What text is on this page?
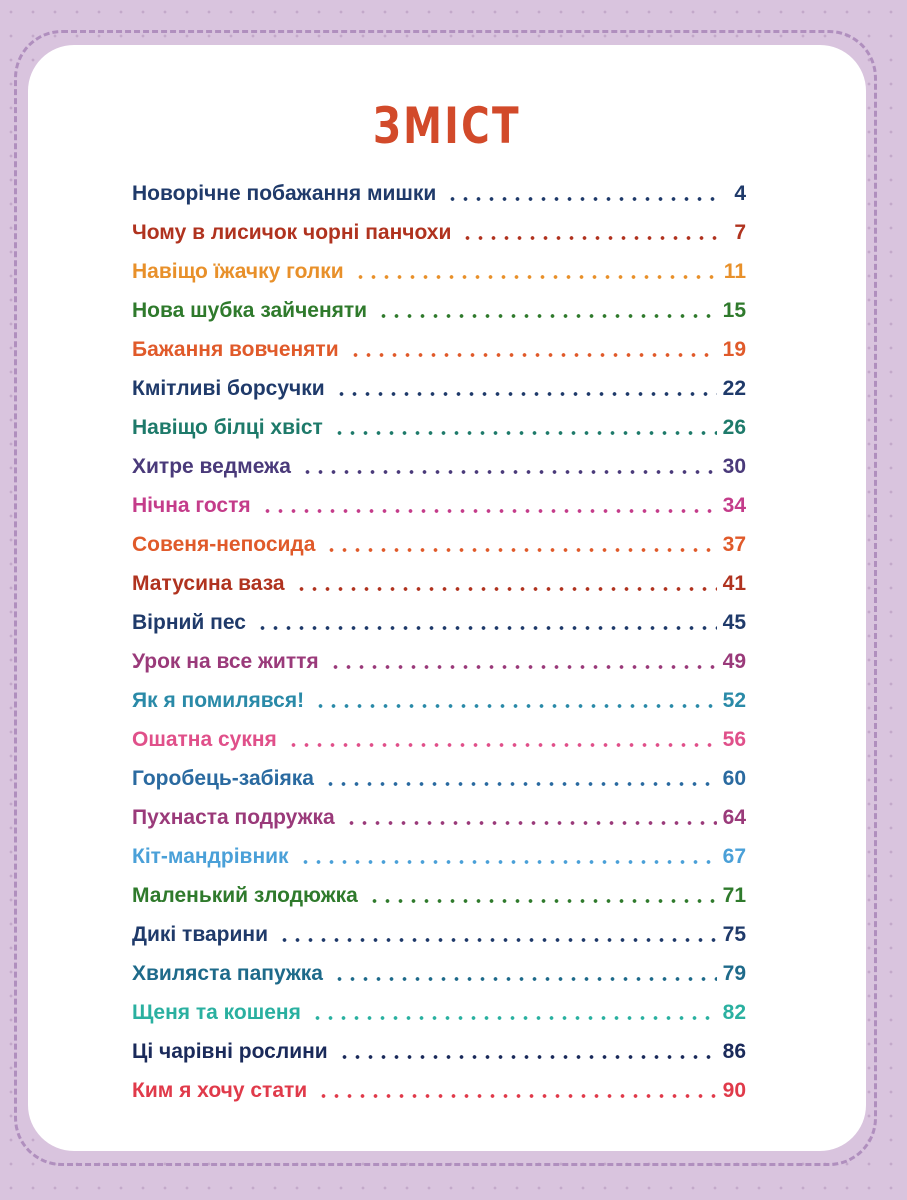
ЗМІСТ
Новорічне побажання мишки	4
Чому в лисичок чорні панчохи	7
Навіщо їжачку голки	11
Нова шубка зайченяти	15
Бажання вовченяти	19
Кмітливі борсучки	22
Навіщо білці хвіст	26
Хитре ведмежа	30
Нічна гостя	34
Совеня-непосида	37
Матусина ваза	41
Вірний пес	45
Урок на все життя	49
Як я помилявся!	52
Ошатна сукня	56
Горобець-забіяка	60
Пухнаста подружка	64
Кіт-мандрівник	67
Маленький злодюжка	71
Дикі тварини	75
Хвиляста папужка	79
Щеня та кошеня	82
Ці чарівні рослини	86
Ким я хочу стати	90
